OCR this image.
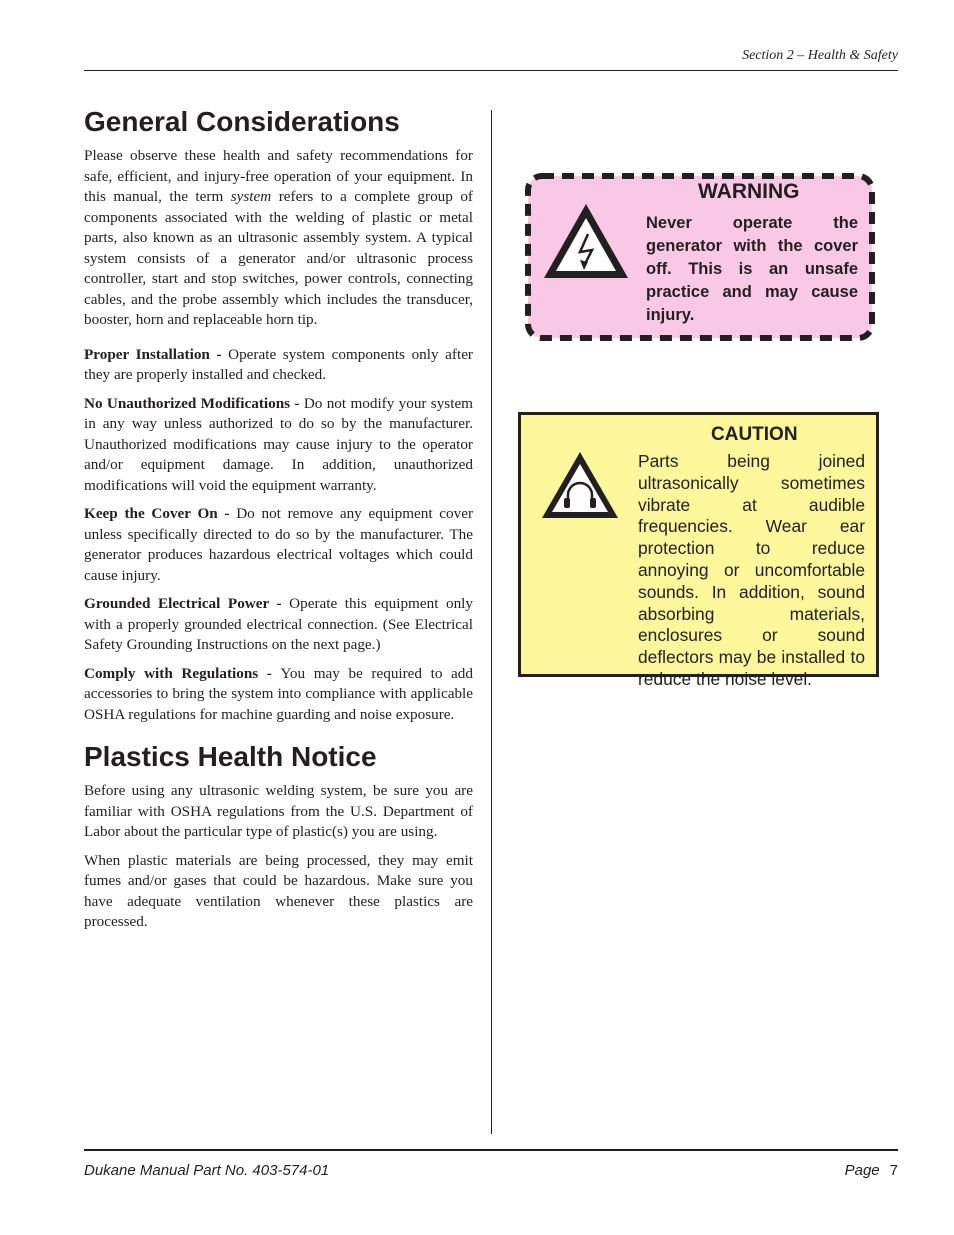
Section 2 – Health & Safety
General Considerations

Please observe these health and safety recommendations for safe, efficient, and injury-free operation of your equipment. In this manual, the term system refers to a complete group of components associated with the welding of plastic or metal parts, also known as an ultrasonic assembly system. A typical system consists of a generator and/or ultrasonic process controller, start and stop switches, power controls, connecting cables, and the probe assembly which includes the transducer, booster, horn and replaceable horn tip.

Proper Installation - Operate system components only after they are properly installed and checked.

No Unauthorized Modifications - Do not modify your system in any way unless authorized to do so by the manufacturer. Unauthorized modifications may cause injury to the operator and/or equipment damage. In addition, unauthorized modifications will void the equipment warranty.

Keep the Cover On - Do not remove any equipment cover unless specifically directed to do so by the manufacturer. The generator produces hazardous electrical voltages which could cause injury.

Grounded Electrical Power - Operate this equipment only with a properly grounded electrical connection. (See Electrical Safety Grounding Instructions on the next page.)

Comply with Regulations - You may be required to add accessories to bring the system into compliance with applicable OSHA regulations for machine guarding and noise exposure.

Plastics Health Notice

Before using any ultrasonic welding system, be sure you are familiar with OSHA regulations from the U.S. Department of Labor about the particular type of plastic(s) you are using.

When plastic materials are being processed, they may emit fumes and/or gases that could be hazardous. Make sure you have adequate ventilation whenever these plastics are processed.

WARNING
Never operate the generator with the cover off. This is an unsafe practice and may cause injury.
CAUTION
Parts being joined ultrasonically sometimes vibrate at audible frequencies. Wear ear protection to reduce annoying or uncomfortable sounds. In addition, sound absorbing materials, enclosures or sound deflectors may be installed to reduce the noise level.
Dukane Manual Part No. 403-574-01	Page 7
